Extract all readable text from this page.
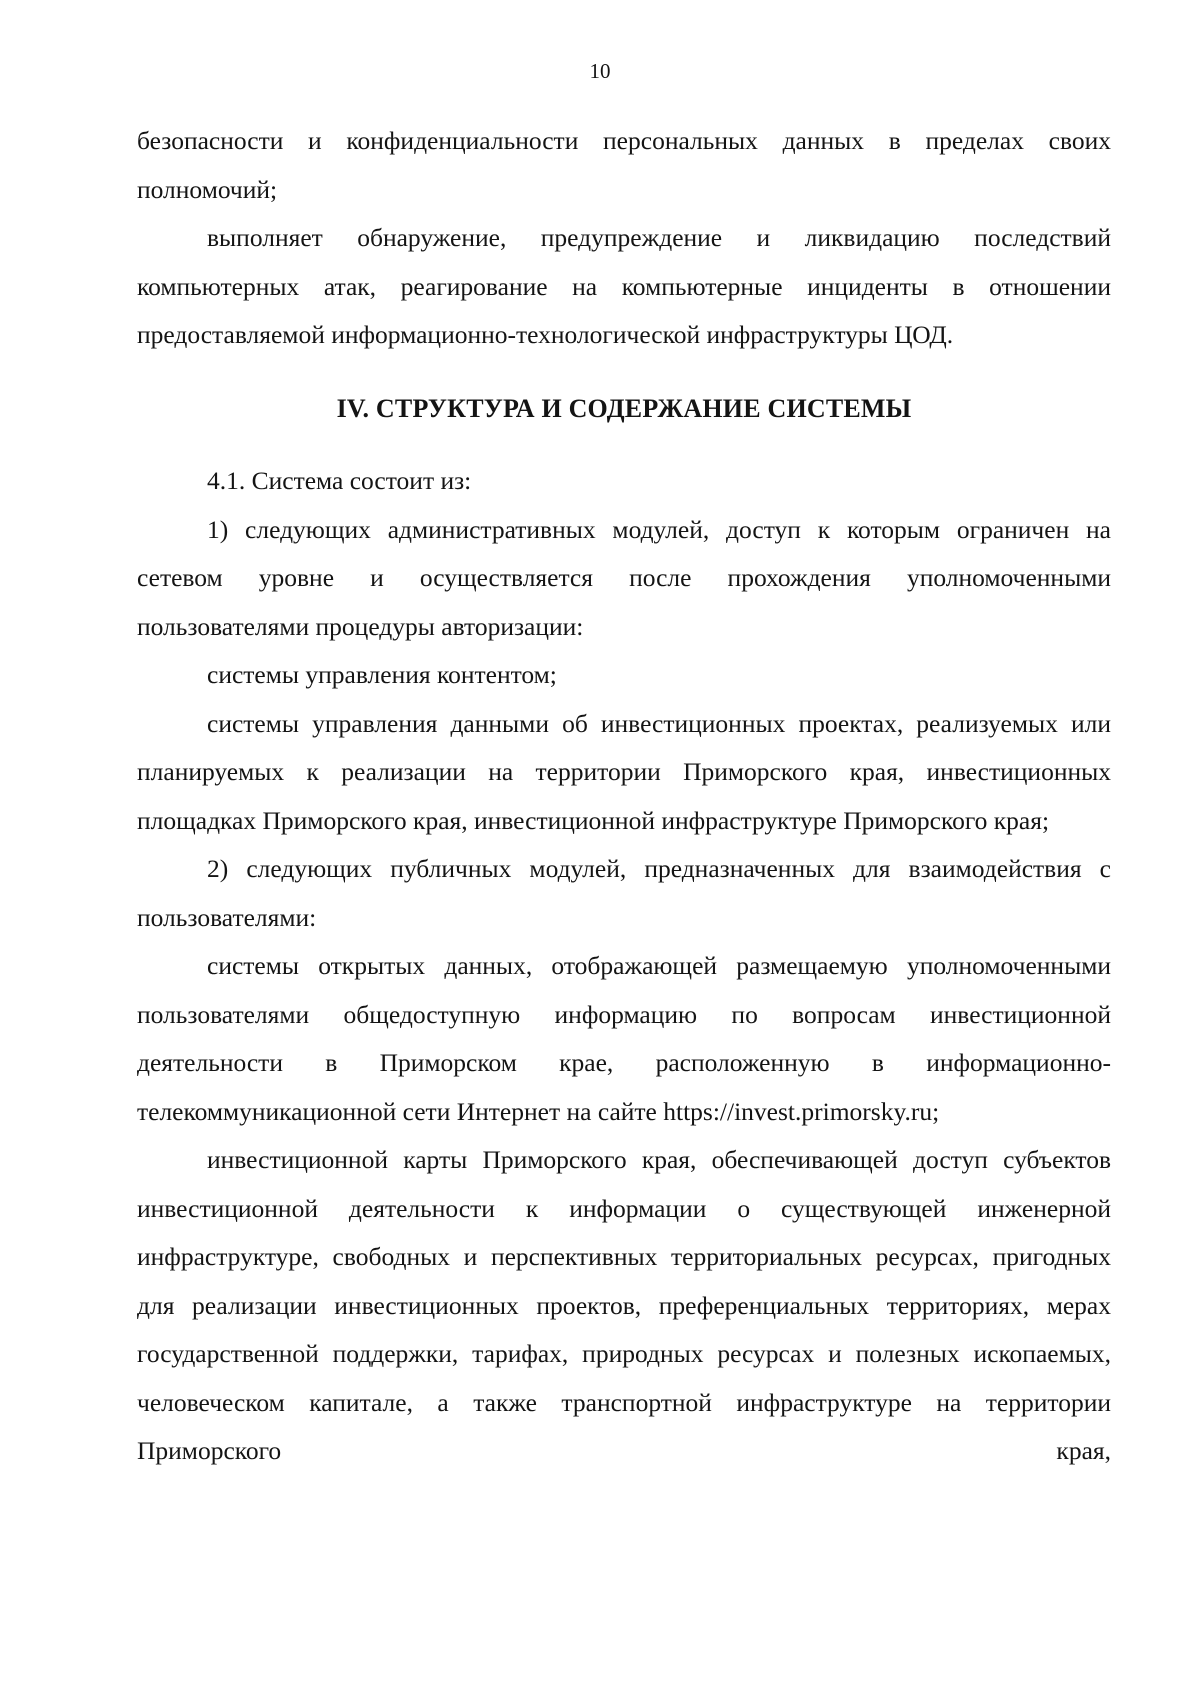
10

безопасности и конфиденциальности персональных данных в пределах своих полномочий;

выполняет обнаружение, предупреждение и ликвидацию последствий компьютерных атак, реагирование на компьютерные инциденты в отношении предоставляемой информационно-технологической инфраструктуры ЦОД.

IV. СТРУКТУРА И СОДЕРЖАНИЕ СИСТЕМЫ

4.1. Система состоит из:

1) следующих административных модулей, доступ к которым ограничен на сетевом уровне и осуществляется после прохождения уполномоченными пользователями процедуры авторизации:

системы управления контентом;

системы управления данными об инвестиционных проектах, реализуемых или планируемых к реализации на территории Приморского края, инвестиционных площадках Приморского края, инвестиционной инфраструктуре Приморского края;

2) следующих публичных модулей, предназначенных для взаимодействия с пользователями:

системы открытых данных, отображающей размещаемую уполномоченными пользователями общедоступную информацию по вопросам инвестиционной деятельности в Приморском крае, расположенную в информационно-телекоммуникационной сети Интернет на сайте https://invest.primorsky.ru;

инвестиционной карты Приморского края, обеспечивающей доступ субъектов инвестиционной деятельности к информации о существующей инженерной инфраструктуре, свободных и перспективных территориальных ресурсах, пригодных для реализации инвестиционных проектов, преференциальных территориях, мерах государственной поддержки, тарифах, природных ресурсах и полезных ископаемых, человеческом капитале, а также транспортной инфраструктуре на территории Приморского края,
